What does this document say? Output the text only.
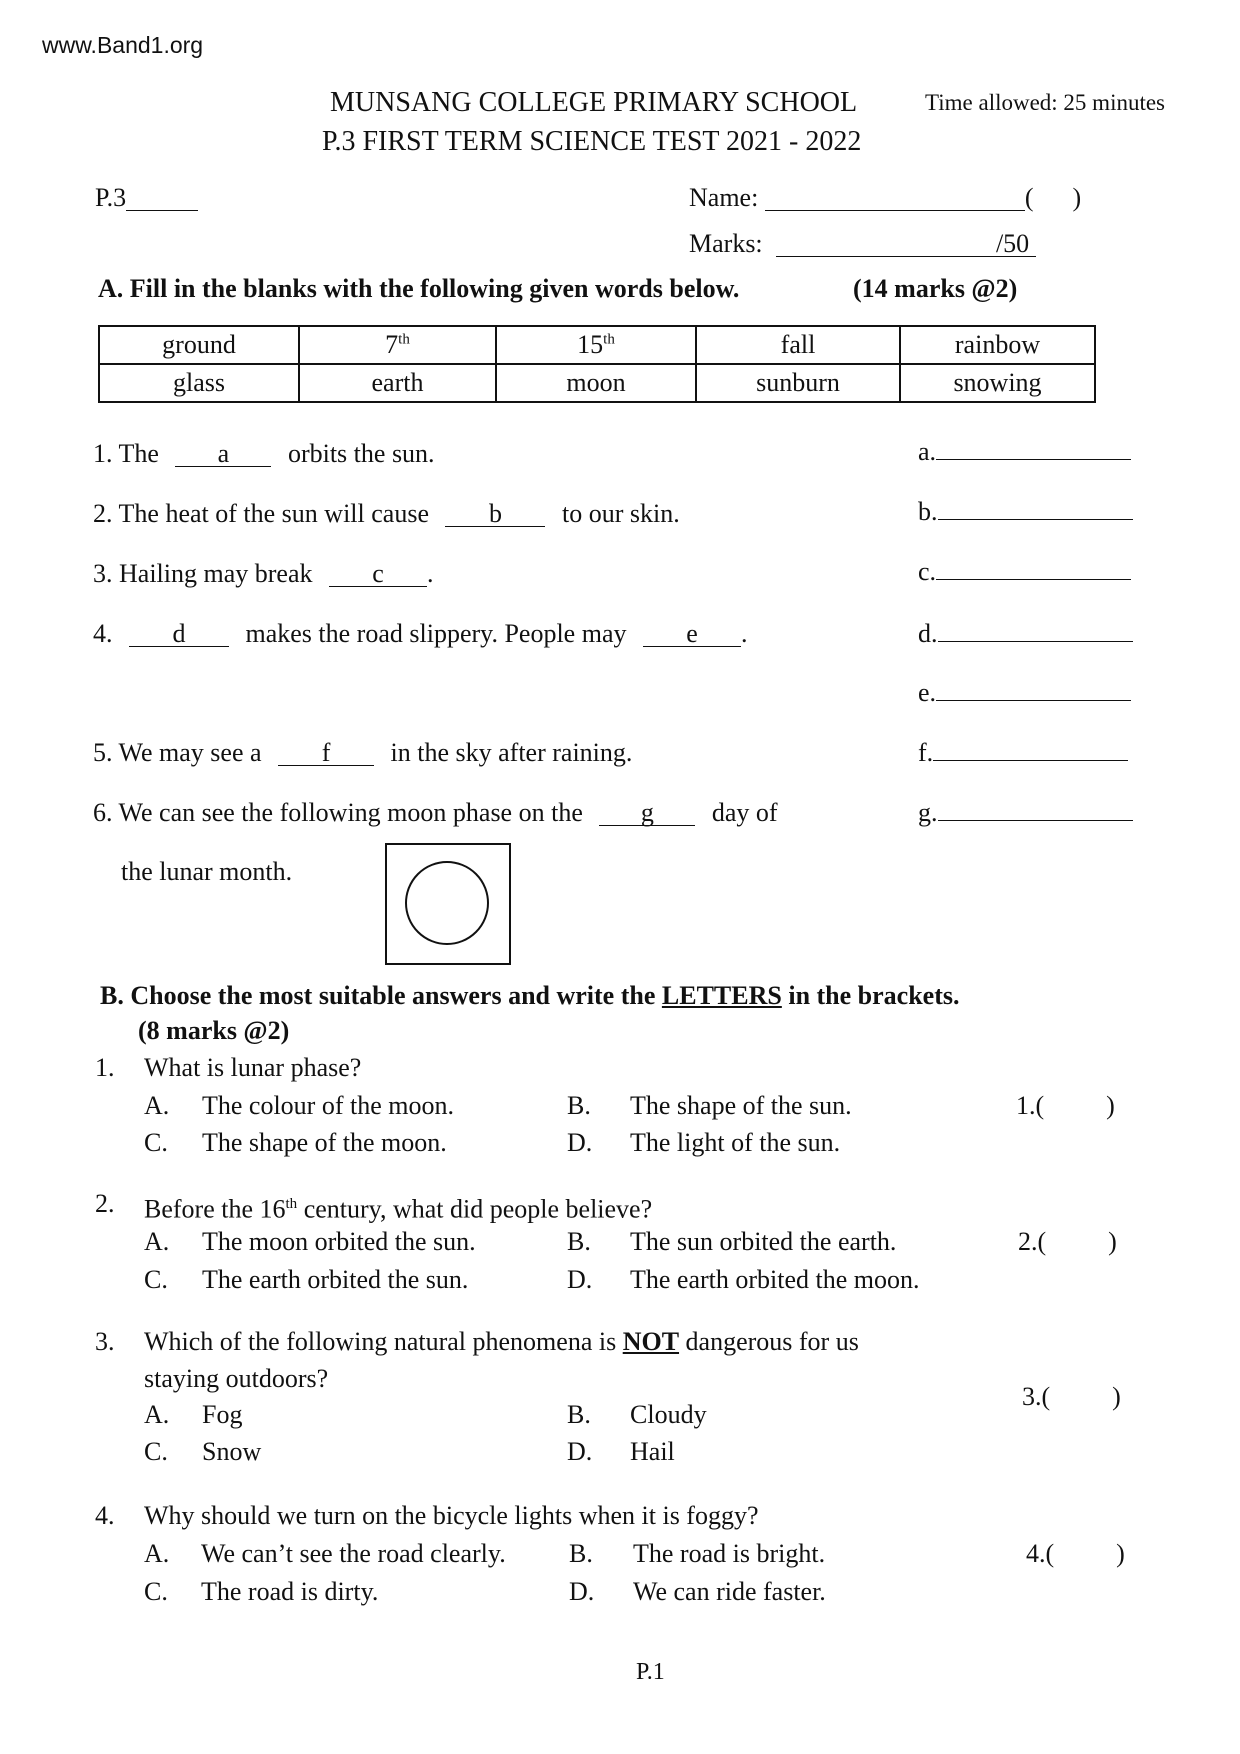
www.Band1.org
MUNSANG COLLEGE PRIMARY SCHOOL	Time allowed: 25 minutes
P.3 FIRST TERM SCIENCE TEST 2021 - 2022
P.3	Name:	(      )
Marks:	/50
A. Fill in the blanks with the following given words below.	(14 marks @2)
ground	7th	15th	fall	rainbow
glass	earth	moon	sunburn	snowing
1. The a orbits the sun.
2. The heat of the sun will cause b to our skin.
3. Hailing may break c .
4. d makes the road slippery. People may e .
5. We may see a f in the sky after raining.
6. We can see the following moon phase on the g day of
the lunar month.
a.
b.
c.
d.
e.
f.
g.
B. Choose the most suitable answers and write the LETTERS in the brackets.
(8 marks @2)
1. What is lunar phase?
A. The colour of the moon.	B. The shape of the sun.
C. The shape of the moon.	D. The light of the sun.
1.( )
2. Before the 16th century, what did people believe?
A. The moon orbited the sun.	B. The sun orbited the earth.
C. The earth orbited the sun.	D. The earth orbited the moon.
2.( )
3. Which of the following natural phenomena is NOT dangerous for us
staying outdoors?
A. Fog	B. Cloudy
C. Snow	D. Hail
3.( )
4. Why should we turn on the bicycle lights when it is foggy?
A. We can’t see the road clearly. B. The road is bright.
C. The road is dirty.	D. We can ride faster.
4.( )
P.1
